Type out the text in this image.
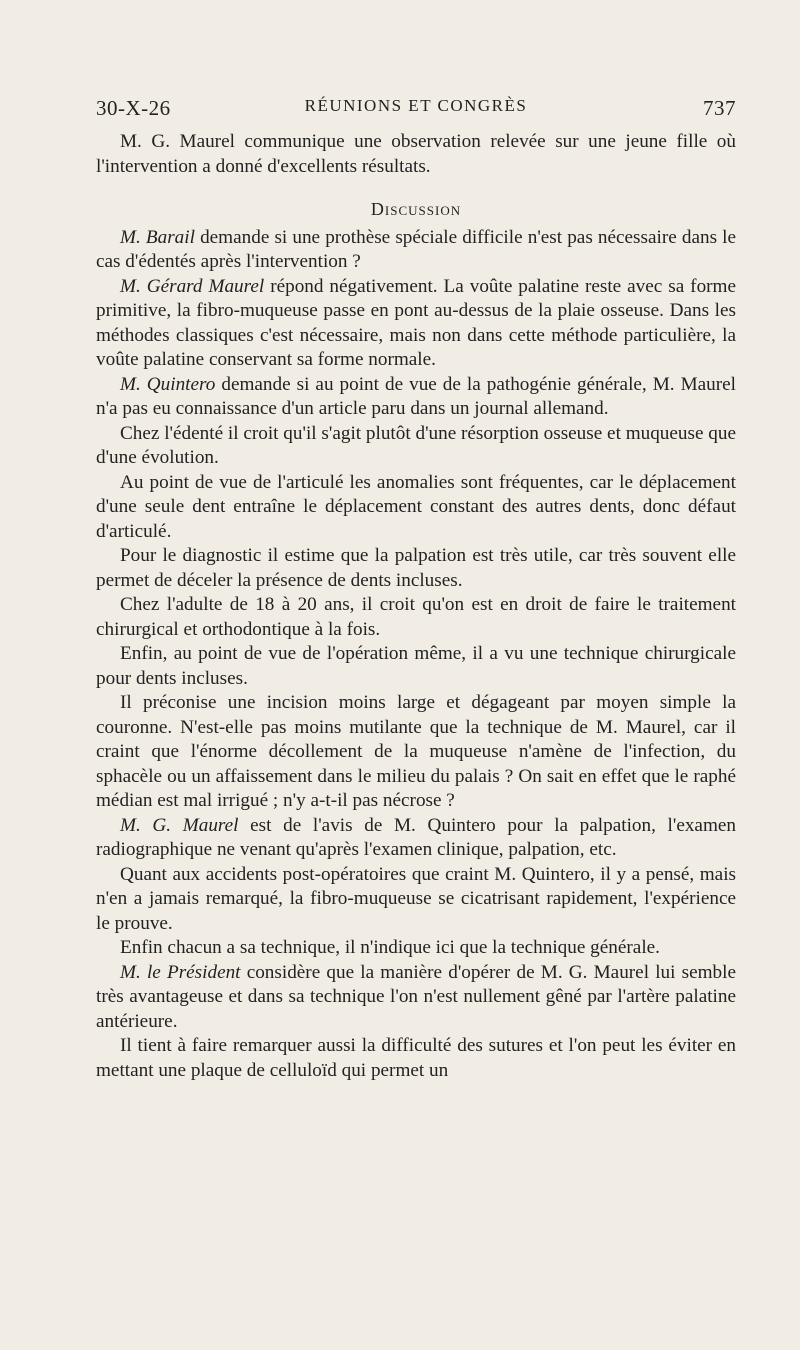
30-X-26	RÉUNIONS ET CONGRÈS	737

M. G. Maurel communique une observation relevée sur une jeune fille où l'intervention a donné d'excellents résultats.

Discussion

M. Barail demande si une prothèse spéciale difficile n'est pas nécessaire dans le cas d'édentés après l'intervention ?

M. Gérard Maurel répond négativement. La voûte palatine reste avec sa forme primitive, la fibro-muqueuse passe en pont au-dessus de la plaie osseuse. Dans les méthodes classiques c'est nécessaire, mais non dans cette méthode particulière, la voûte palatine conservant sa forme normale.

M. Quintero demande si au point de vue de la pathogénie générale, M. Maurel n'a pas eu connaissance d'un article paru dans un journal allemand.

Chez l'édenté il croit qu'il s'agit plutôt d'une résorption osseuse et muqueuse que d'une évolution.

Au point de vue de l'articulé les anomalies sont fréquentes, car le déplacement d'une seule dent entraîne le déplacement constant des autres dents, donc défaut d'articulé.

Pour le diagnostic il estime que la palpation est très utile, car très souvent elle permet de déceler la présence de dents incluses.

Chez l'adulte de 18 à 20 ans, il croit qu'on est en droit de faire le traitement chirurgical et orthodontique à la fois.

Enfin, au point de vue de l'opération même, il a vu une technique chirurgicale pour dents incluses.

Il préconise une incision moins large et dégageant par moyen simple la couronne. N'est-elle pas moins mutilante que la technique de M. Maurel, car il craint que l'énorme décollement de la muqueuse n'amène de l'infection, du sphacèle ou un affaissement dans le milieu du palais ? On sait en effet que le raphé médian est mal irrigué ; n'y a-t-il pas nécrose ?

M. G. Maurel est de l'avis de M. Quintero pour la palpation, l'examen radiographique ne venant qu'après l'examen clinique, palpation, etc.

Quant aux accidents post-opératoires que craint M. Quintero, il y a pensé, mais n'en a jamais remarqué, la fibro-muqueuse se cicatrisant rapidement, l'expérience le prouve.

Enfin chacun a sa technique, il n'indique ici que la technique générale.

M. le Président considère que la manière d'opérer de M. G. Maurel lui semble très avantageuse et dans sa technique l'on n'est nullement gêné par l'artère palatine antérieure.

Il tient à faire remarquer aussi la difficulté des sutures et l'on peut les éviter en mettant une plaque de celluloïd qui permet un
